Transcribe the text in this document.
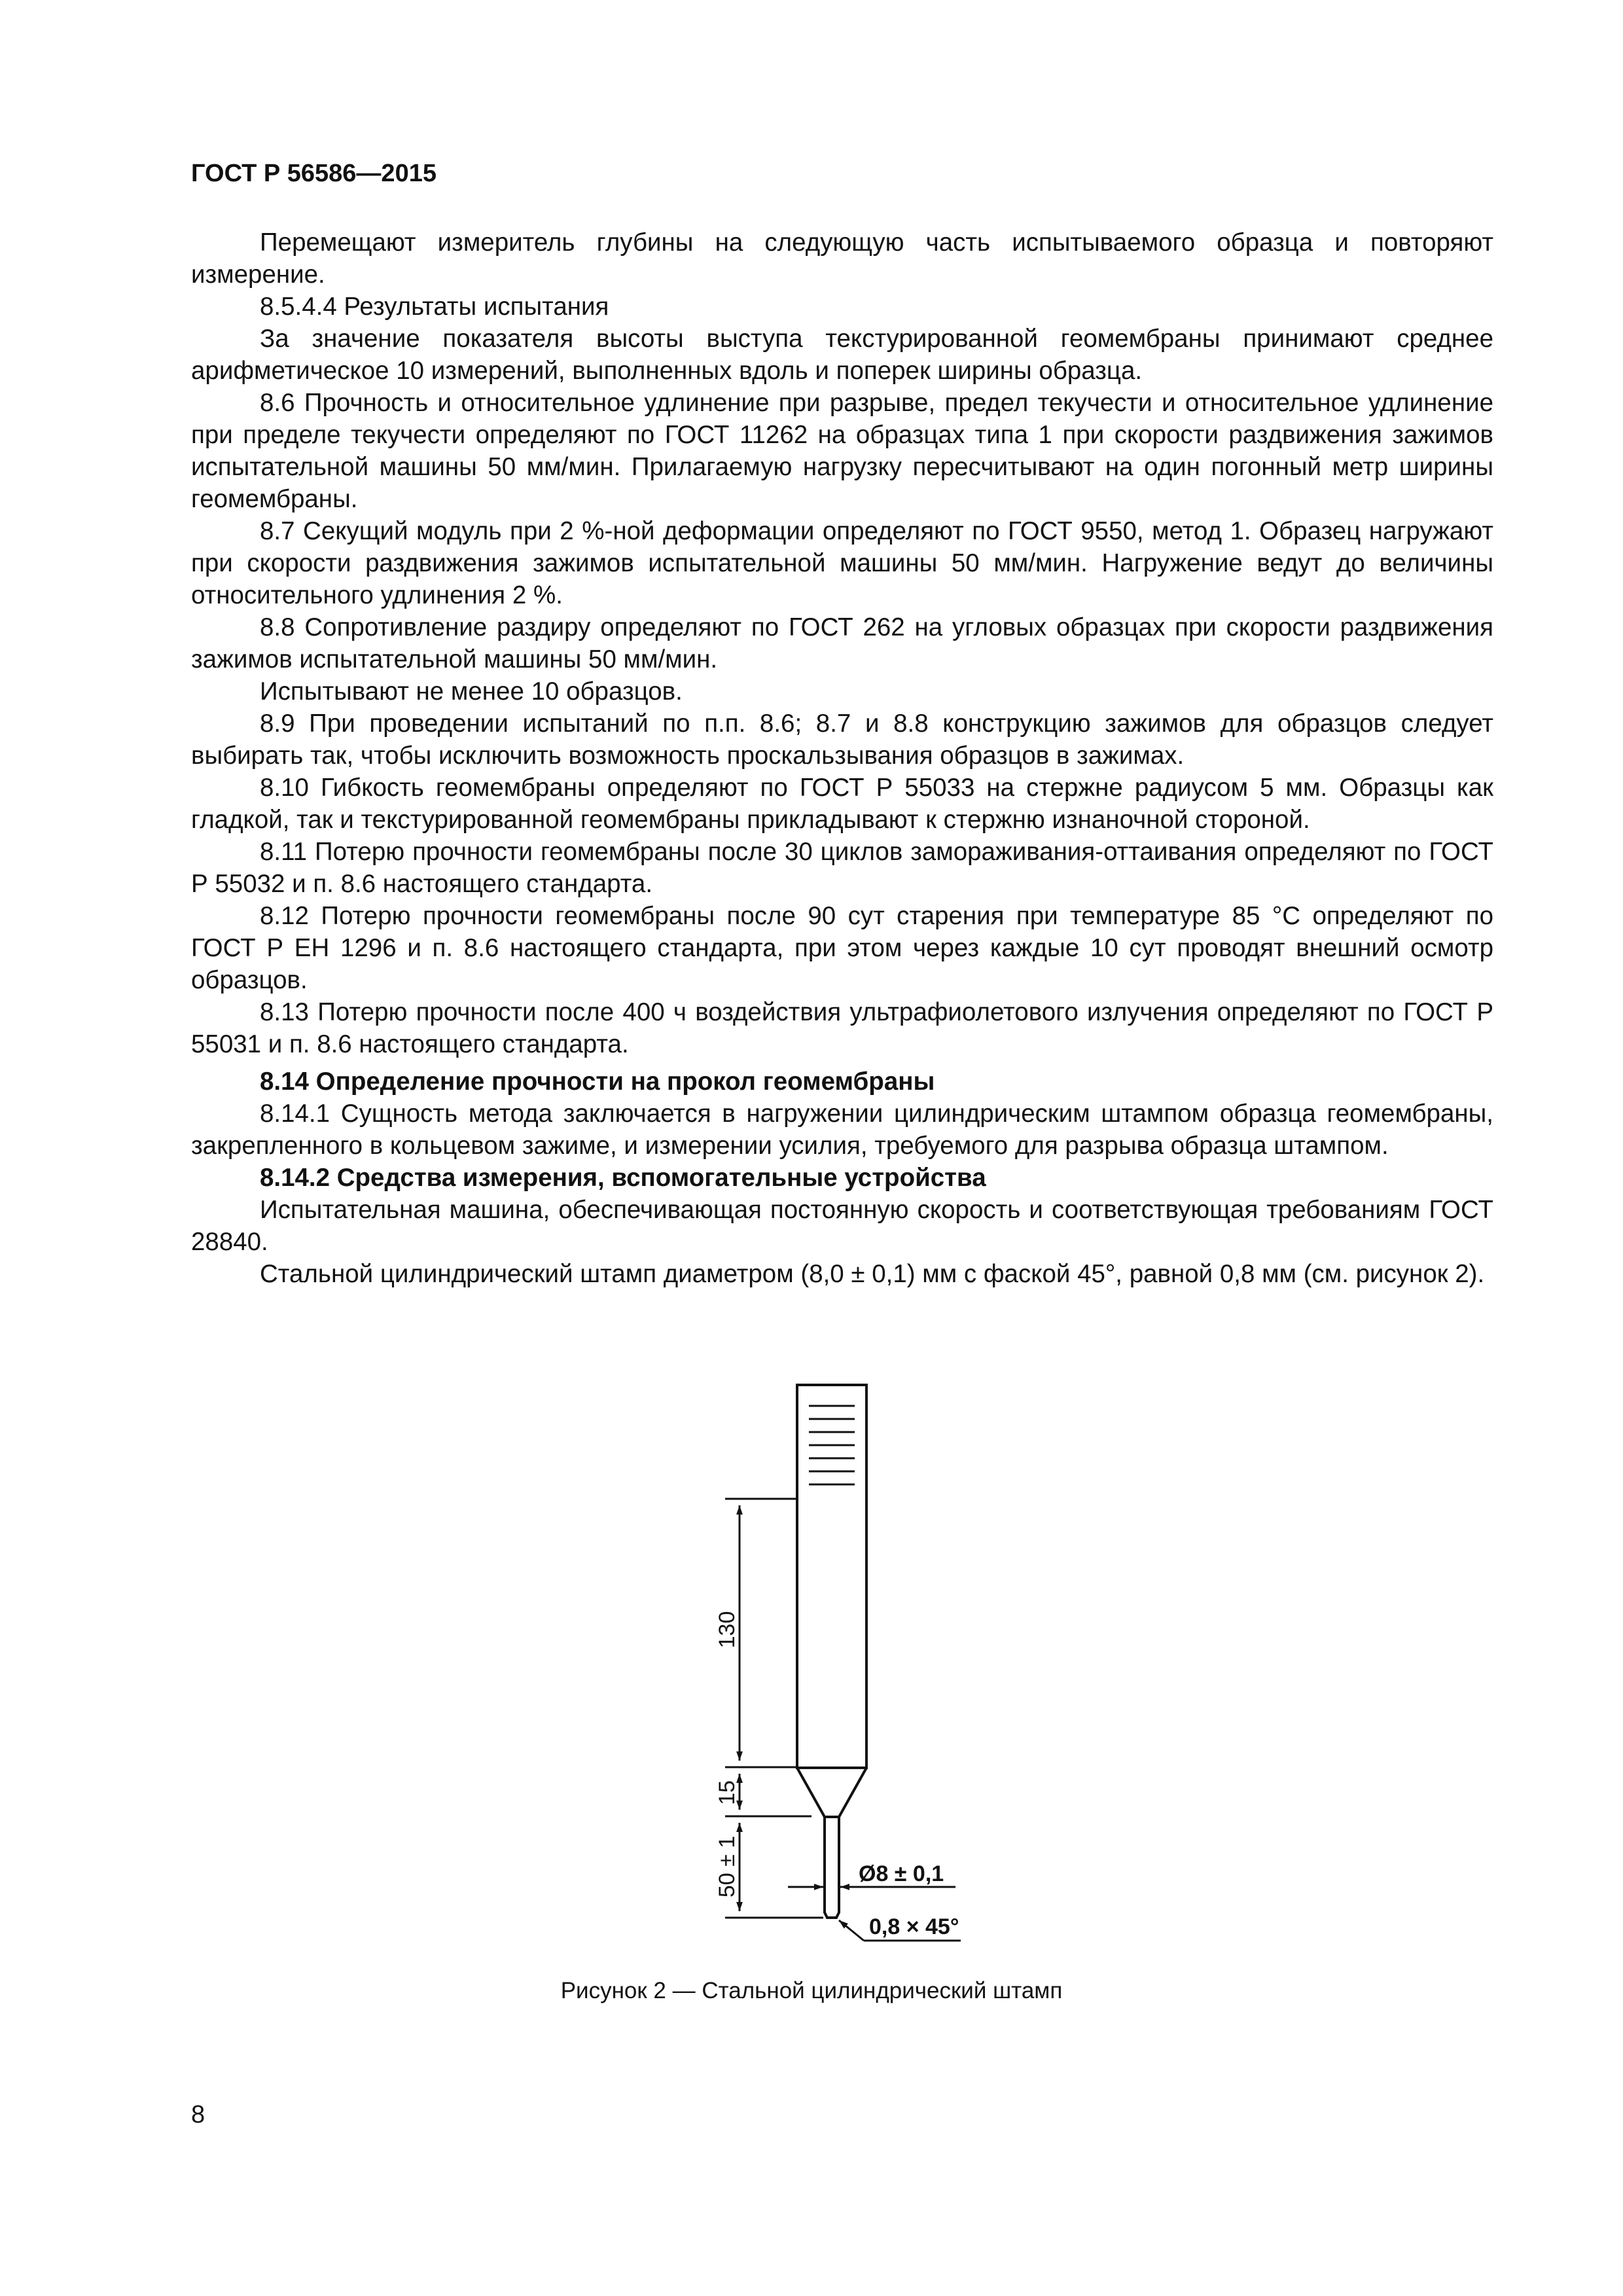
ГОСТ Р 56586—2015

Перемещают измеритель глубины на следующую часть испытываемого образца и повторяют измерение.

8.5.4.4 Результаты испытания

За значение показателя высоты выступа текстурированной геомембраны принимают среднее арифметическое 10 измерений, выполненных вдоль и поперек ширины образца.

8.6 Прочность и относительное удлинение при разрыве, предел текучести и относительное удлинение при пределе текучести определяют по ГОСТ 11262 на образцах типа 1 при скорости раздвижения зажимов испытательной машины 50 мм/мин. Прилагаемую нагрузку пересчитывают на один погонный метр ширины геомембраны.

8.7 Секущий модуль при 2 %-ной деформации определяют по ГОСТ 9550, метод 1. Образец нагружают при скорости раздвижения зажимов испытательной машины 50 мм/мин. Нагружение ведут до величины относительного удлинения 2 %.

8.8 Сопротивление раздиру определяют по ГОСТ 262 на угловых образцах при скорости раздвижения зажимов испытательной машины 50 мм/мин.

Испытывают не менее 10 образцов.

8.9 При проведении испытаний по п.п. 8.6; 8.7 и 8.8 конструкцию зажимов для образцов следует выбирать так, чтобы исключить возможность проскальзывания образцов в зажимах.

8.10 Гибкость геомембраны определяют по ГОСТ Р 55033 на стержне радиусом 5 мм. Образцы как гладкой, так и текстурированной геомембраны прикладывают к стержню изнаночной стороной.

8.11 Потерю прочности геомембраны после 30 циклов замораживания-оттаивания определяют по ГОСТ Р 55032 и п. 8.6 настоящего стандарта.

8.12 Потерю прочности геомембраны после 90 сут старения при температуре 85 °С определяют по ГОСТ Р ЕН 1296 и п. 8.6 настоящего стандарта, при этом через каждые 10 сут проводят внешний осмотр образцов.

8.13 Потерю прочности после 400 ч воздействия ультрафиолетового излучения определяют по ГОСТ Р 55031 и п. 8.6 настоящего стандарта.

8.14 Определение прочности на прокол геомембраны

8.14.1 Сущность метода заключается в нагружении цилиндрическим штампом образца геомембраны, закрепленного в кольцевом зажиме, и измерении усилия, требуемого для разрыва образца штампом.

8.14.2 Средства измерения, вспомогательные устройства

Испытательная машина, обеспечивающая постоянную скорость и соответствующая требованиям ГОСТ 28840.

Стальной цилиндрический штамп диаметром (8,0 ± 0,1) мм с фаской 45°, равной 0,8 мм (см. рисунок 2).

130
15
50 ± 1	Ø8 ± 0,1
0,8 × 45°
Рисунок 2 — Стальной цилиндрический штамп
8
